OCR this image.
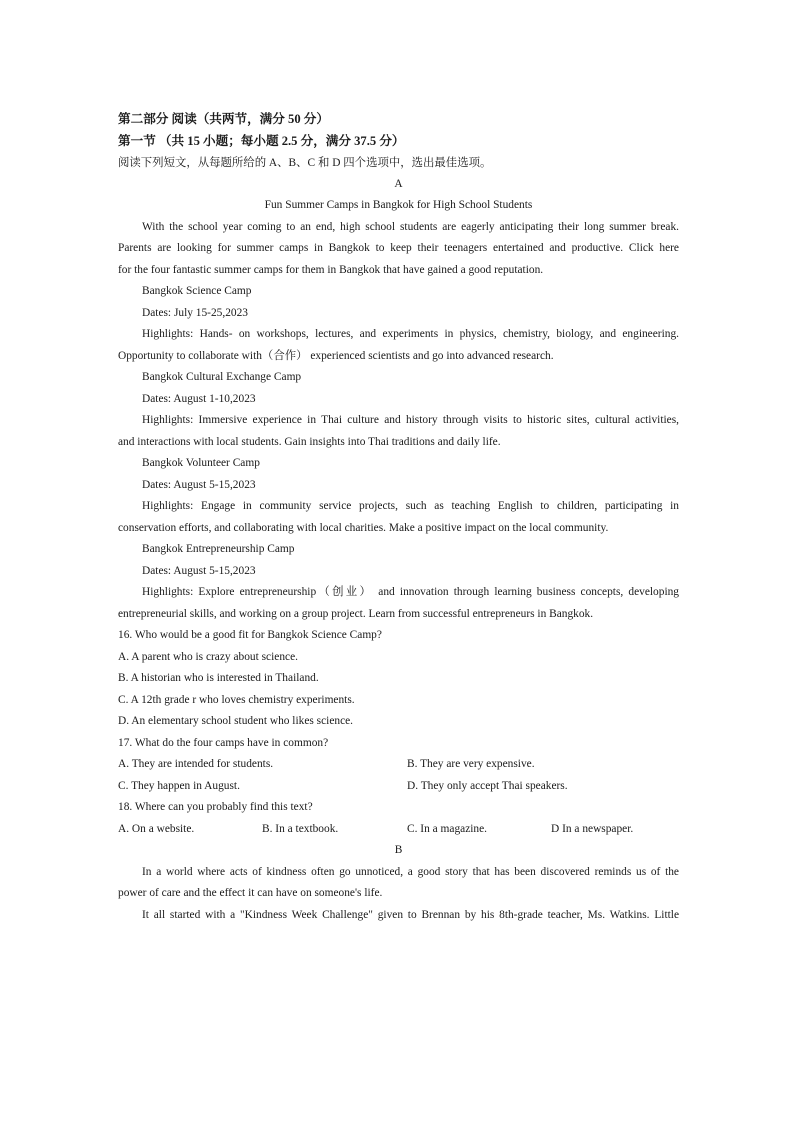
第二部分 阅读（共两节，满分 50 分）
第一节 （共 15 小题；每小题 2.5 分，满分 37.5 分）
阅读下列短文，从每题所给的 A、B、C 和 D 四个选项中，选出最佳选项。
A
Fun Summer Camps in Bangkok for High School Students
With the school year coming to an end, high school students are eagerly anticipating their long summer break.
Parents are looking for summer camps in Bangkok to keep their teenagers entertained and productive. Click here
for the four fantastic summer camps for them in Bangkok that have gained a good reputation.
Bangkok Science Camp
Dates: July 15-25,2023
Highlights: Hands- on workshops, lectures, and experiments in physics, chemistry, biology, and engineering.
Opportunity to collaborate with（合作） experienced scientists and go into advanced research.
Bangkok Cultural Exchange Camp
Dates: August 1-10,2023
Highlights: Immersive experience in Thai culture and history through visits to historic sites, cultural activities,
and interactions with local students. Gain insights into Thai traditions and daily life.
Bangkok Volunteer Camp
Dates: August 5-15,2023
Highlights: Engage in community service projects, such as teaching English to children, participating in
conservation efforts, and collaborating with local charities. Make a positive impact on the local community.
Bangkok Entrepreneurship Camp
Dates: August 5-15,2023
Highlights: Explore entrepreneurship（创业） and innovation through learning business concepts, developing
entrepreneurial skills, and working on a group project. Learn from successful entrepreneurs in Bangkok.
16. Who would be a good fit for Bangkok Science Camp?
A. A parent who is crazy about science.
B. A historian who is interested in Thailand.
C. A 12th grade r who loves chemistry experiments.
D. An elementary school student who likes science.
17. What do the four camps have in common?
A. They are intended for students.	B. They are very expensive.
C. They happen in August.	D. They only accept Thai speakers.
18. Where can you probably find this text?
A. On a website.	B. In a textbook.	C. In a magazine.	D In a newspaper.
B
In a world where acts of kindness often go unnoticed, a good story that has been discovered reminds us of the
power of care and the effect it can have on someone's life.
It all started with a "Kindness Week Challenge" given to Brennan by his 8th-grade teacher, Ms. Watkins. Little
